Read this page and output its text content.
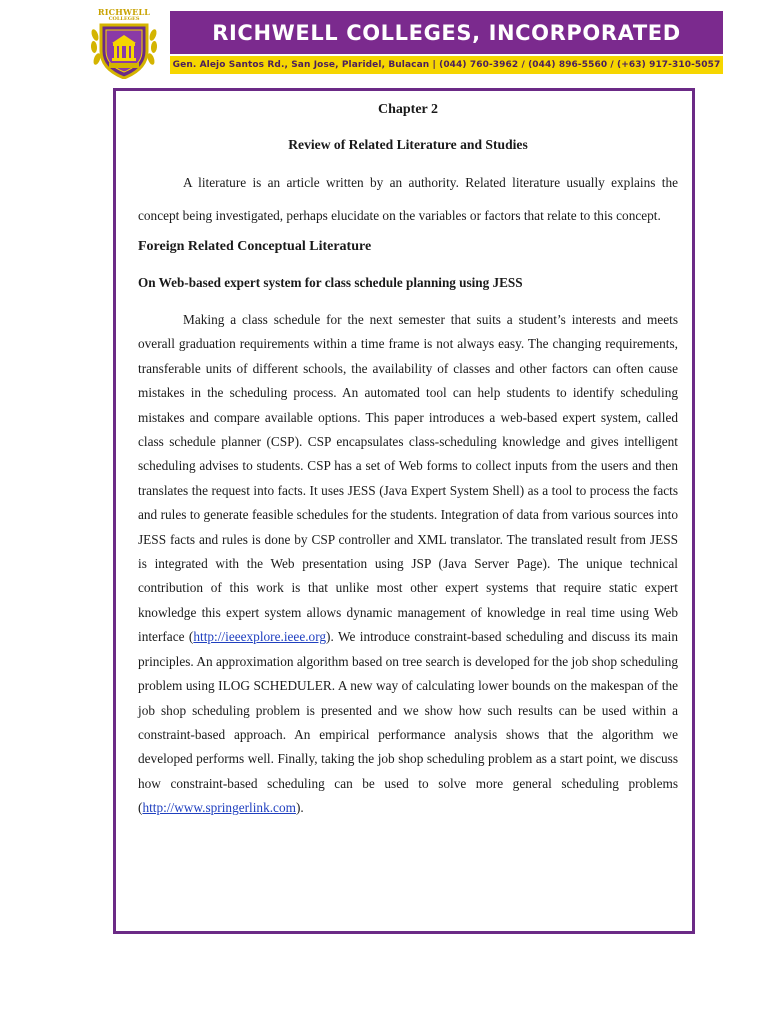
RICHWELL
COLLEGES
RICHWELL COLLEGES, INCORPORATED
Gen. Alejo Santos Rd., San Jose, Plaridel, Bulacan | (044) 760-3962 / (044) 896-5560 / (+63) 917-310-5057

Chapter 2

Review of Related Literature and Studies

A literature is an article written by an authority. Related literature usually explains the concept being investigated, perhaps elucidate on the variables or factors that relate to this concept.

Foreign Related Conceptual Literature

On Web-based expert system for class schedule planning using JESS

Making a class schedule for the next semester that suits a student’s interests and meets overall graduation requirements within a time frame is not always easy. The changing requirements, transferable units of different schools, the availability of classes and other factors can often cause mistakes in the scheduling process. An automated tool can help students to identify scheduling mistakes and compare available options. This paper introduces a web-based expert system, called class schedule planner (CSP). CSP encapsulates class-scheduling knowledge and gives intelligent scheduling advises to students. CSP has a set of Web forms to collect inputs from the users and then translates the request into facts. It uses JESS (Java Expert System Shell) as a tool to process the facts and rules to generate feasible schedules for the students. Integration of data from various sources into JESS facts and rules is done by CSP controller and XML translator. The translated result from JESS is integrated with the Web presentation using JSP (Java Server Page). The unique technical contribution of this work is that unlike most other expert systems that require static expert knowledge this expert system allows dynamic management of knowledge in real time using Web interface (http://ieeexplore.ieee.org). We introduce constraint-based scheduling and discuss its main principles. An approximation algorithm based on tree search is developed for the job shop scheduling problem using ILOG SCHEDULER. A new way of calculating lower bounds on the makespan of the job shop scheduling problem is presented and we show how such results can be used within a constraint-based approach. An empirical performance analysis shows that the algorithm we developed performs well. Finally, taking the job shop scheduling problem as a start point, we discuss how constraint-based scheduling can be used to solve more general scheduling problems (http://www.springerlink.com).
